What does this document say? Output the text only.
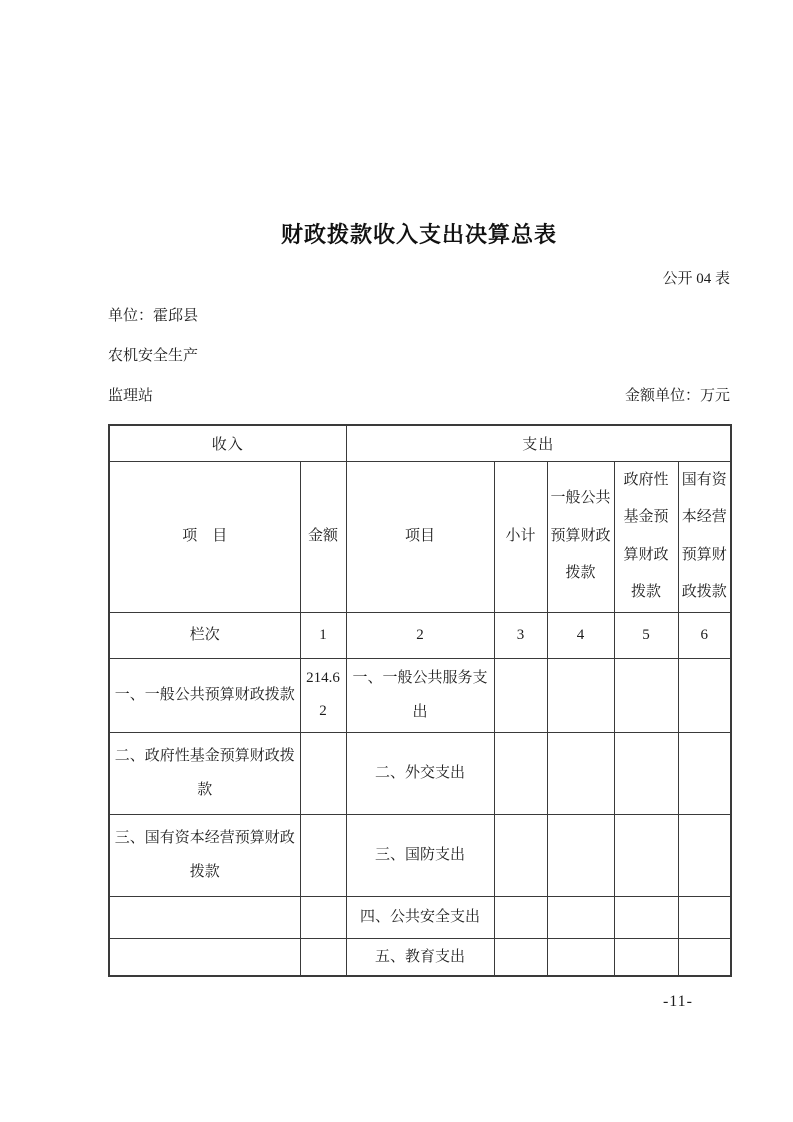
财政拨款收入支出决算总表
公开 04 表
单位：霍邱县
农机安全生产
监理站	金额单位：万元
收入		支出				
项　目	金额	项目	小计	一般公共预算财政拨款	政府性基金预算财政拨款	国有资本经营预算财政拨款
栏次	1	2	3	4	5	6
一、一般公共预算财政拨款	214.62	一、一般公共服务支出				
二、政府性基金预算财政拨款		二、外交支出				
三、国有资本经营预算财政拨款		三、国防支出				
		四、公共安全支出				
		五、教育支出				
-11-
